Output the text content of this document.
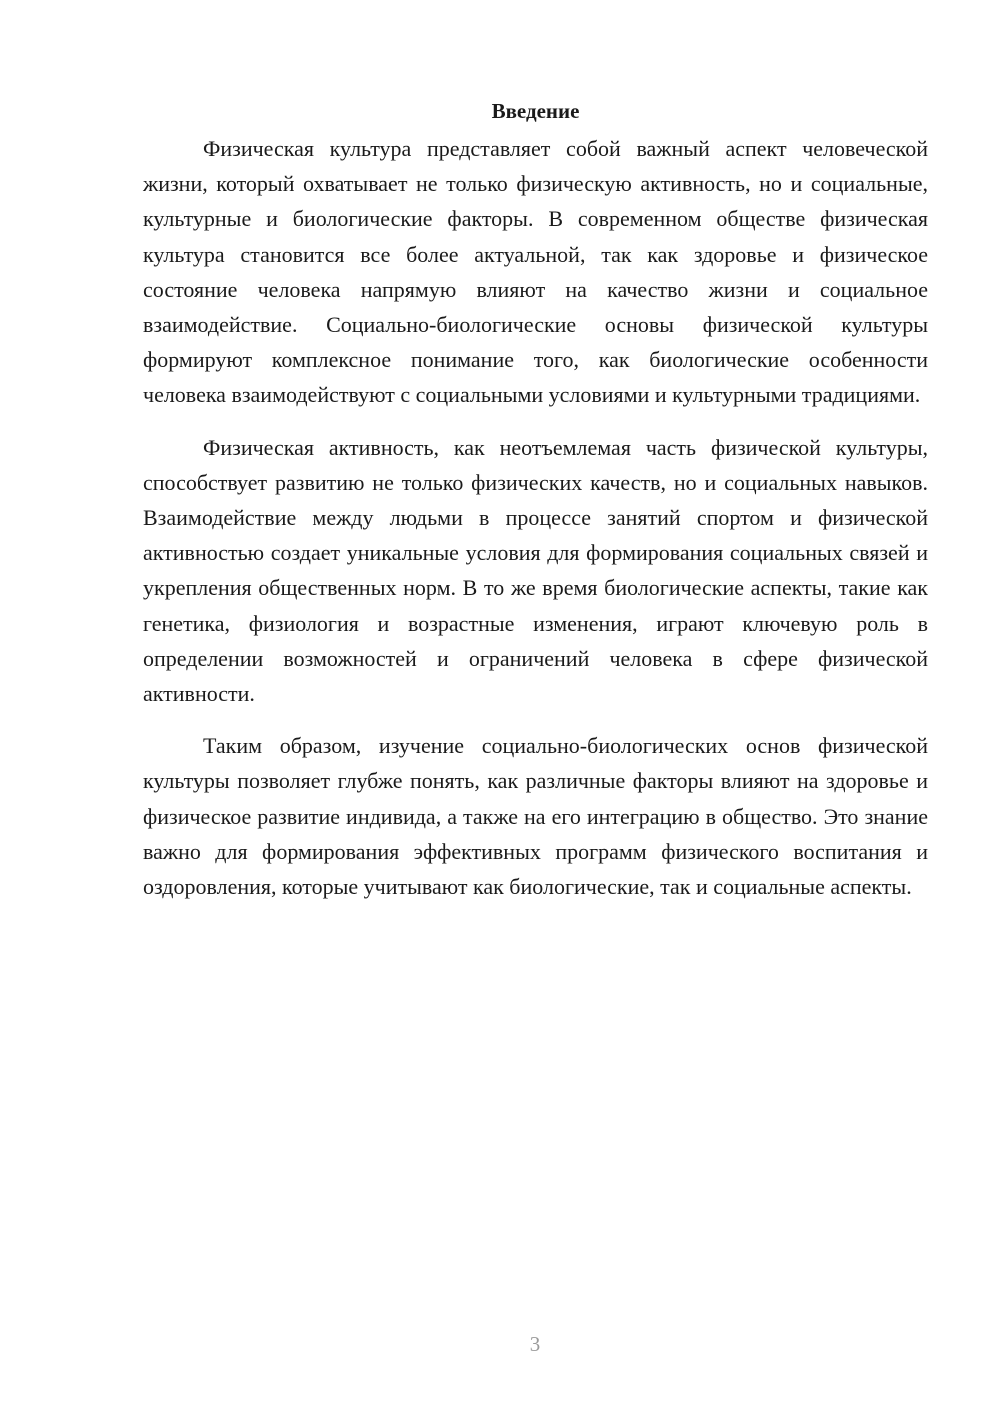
Введение

Физическая культура представляет собой важный аспект человеческой жизни, который охватывает не только физическую активность, но и социальные, культурные и биологические факторы. В современном обществе физическая культура становится все более актуальной, так как здоровье и физическое состояние человека напрямую влияют на качество жизни и социальное взаимодействие. Социально-биологические основы физической культуры формируют комплексное понимание того, как биологические особенности человека взаимодействуют с социальными условиями и культурными традициями.

Физическая активность, как неотъемлемая часть физической культуры, способствует развитию не только физических качеств, но и социальных навыков. Взаимодействие между людьми в процессе занятий спортом и физической активностью создает уникальные условия для формирования социальных связей и укрепления общественных норм. В то же время биологические аспекты, такие как генетика, физиология и возрастные изменения, играют ключевую роль в определении возможностей и ограничений человека в сфере физической активности.

Таким образом, изучение социально-биологических основ физической культуры позволяет глубже понять, как различные факторы влияют на здоровье и физическое развитие индивида, а также на его интеграцию в общество. Это знание важно для формирования эффективных программ физического воспитания и оздоровления, которые учитывают как биологические, так и социальные аспекты.

3
